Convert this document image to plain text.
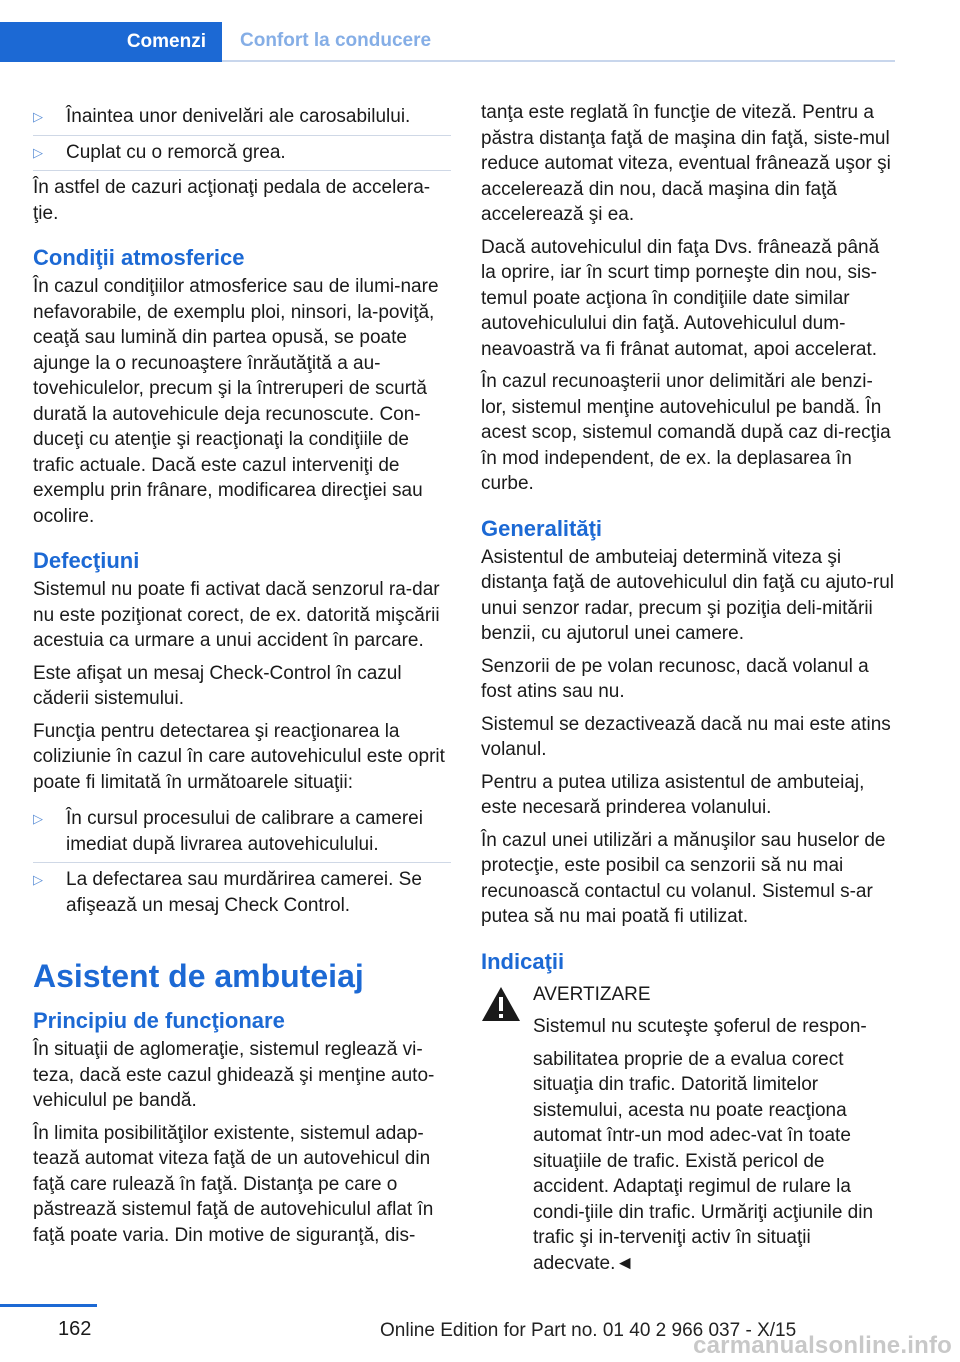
Comenzi	Confort la conducere
▷	Înaintea unor denivelări ale carosabilului.
▷	Cuplat cu o remorcă grea.

În astfel de cazuri acţionaţi pedala de accelera‐ţie.

Condiţii atmosferice

În cazul condiţiilor atmosferice sau de ilumi‐nare nefavorabile, de exemplu ploi, ninsori, la‐poviţă, ceaţă sau lumină din partea opusă, se poate ajunge la o recunoaştere înrăutăţită a au‐tovehiculelor, precum şi la întreruperi de scurtă durată la autovehicule deja recunoscute. Con‐duceţi cu atenţie şi reacţionaţi la condiţiile de trafic actuale. Dacă este cazul interveniţi de exemplu prin frânare, modificarea direcţiei sau ocolire.

Defecţiuni

Sistemul nu poate fi activat dacă senzorul ra‐dar nu este poziţionat corect, de ex. datorită mişcării acestuia ca urmare a unui accident în parcare.

Este afişat un mesaj Check-Control în cazul căderii sistemului.

Funcţia pentru detectarea şi reacţionarea la coliziunie în cazul în care autovehiculul este oprit poate fi limitată în următoarele situaţii:

▷	În cursul procesului de calibrare a camerei imediat după livrarea autovehiculului.
▷	La defectarea sau murdărirea camerei. Se afişează un mesaj Check Control.
Asistent de ambuteiaj
Principiu de funcţionare

În situaţii de aglomeraţie, sistemul reglează vi‐teza, dacă este cazul ghidează şi menţine auto‐vehiculul pe bandă.

În limita posibilităţilor existente, sistemul adap‐tează automat viteza faţă de un autovehicul din faţă care rulează în faţă. Distanţa pe care o păstrează sistemul faţă de autovehiculul aflat în faţă poate varia. Din motive de siguranţă, dis‐

tanţa este reglată în funcţie de viteză. Pentru a păstra distanţa faţă de maşina din faţă, siste‐mul reduce automat viteza, eventual frânează uşor şi accelerează din nou, dacă maşina din faţă accelerează şi ea.

Dacă autovehiculul din faţa Dvs. frânează până la oprire, iar în scurt timp porneşte din nou, sis‐temul poate acţiona în condiţiile date similar autovehiculului din faţă. Autovehiculul dum‐neavoastră va fi frânat automat, apoi accelerat.

În cazul recunoaşterii unor delimitări ale benzi‐lor, sistemul menţine autovehiculul pe bandă. În acest scop, sistemul comandă după caz di‐recţia în mod independent, de ex. la deplasarea în curbe.

Generalităţi

Asistentul de ambuteiaj determină viteza şi distanţa faţă de autovehiculul din faţă cu ajuto‐rul unui senzor radar, precum şi poziţia deli‐mitării benzii, cu ajutorul unei camere.

Senzorii de pe volan recunosc, dacă volanul a fost atins sau nu.

Sistemul se dezactivează dacă nu mai este atins volanul.

Pentru a putea utiliza asistentul de ambuteiaj, este necesară prinderea volanului.

În cazul unei utilizări a mănuşilor sau huselor de protecţie, este posibil ca senzorii să nu mai recunoască contactul cu volanul. Sistemul s-ar putea să nu mai poată fi utilizat.

Indicaţii

AVERTIZARE

Sistemul nu scuteşte şoferul de respon‐

sabilitatea proprie de a evalua corect situaţia din trafic. Datorită limitelor sistemului, acesta nu poate reacţiona automat într-un mod adec‐vat în toate situaţiile de trafic. Există pericol de accident. Adaptaţi regimul de rulare la condi‐ţiile din trafic. Urmăriţi acţiunile din trafic şi in‐terveniţi activ în situaţii adecvate.◄

162	Online Edition for Part no. 01 40 2 966 037 - X/15
carmanualsonline.info
